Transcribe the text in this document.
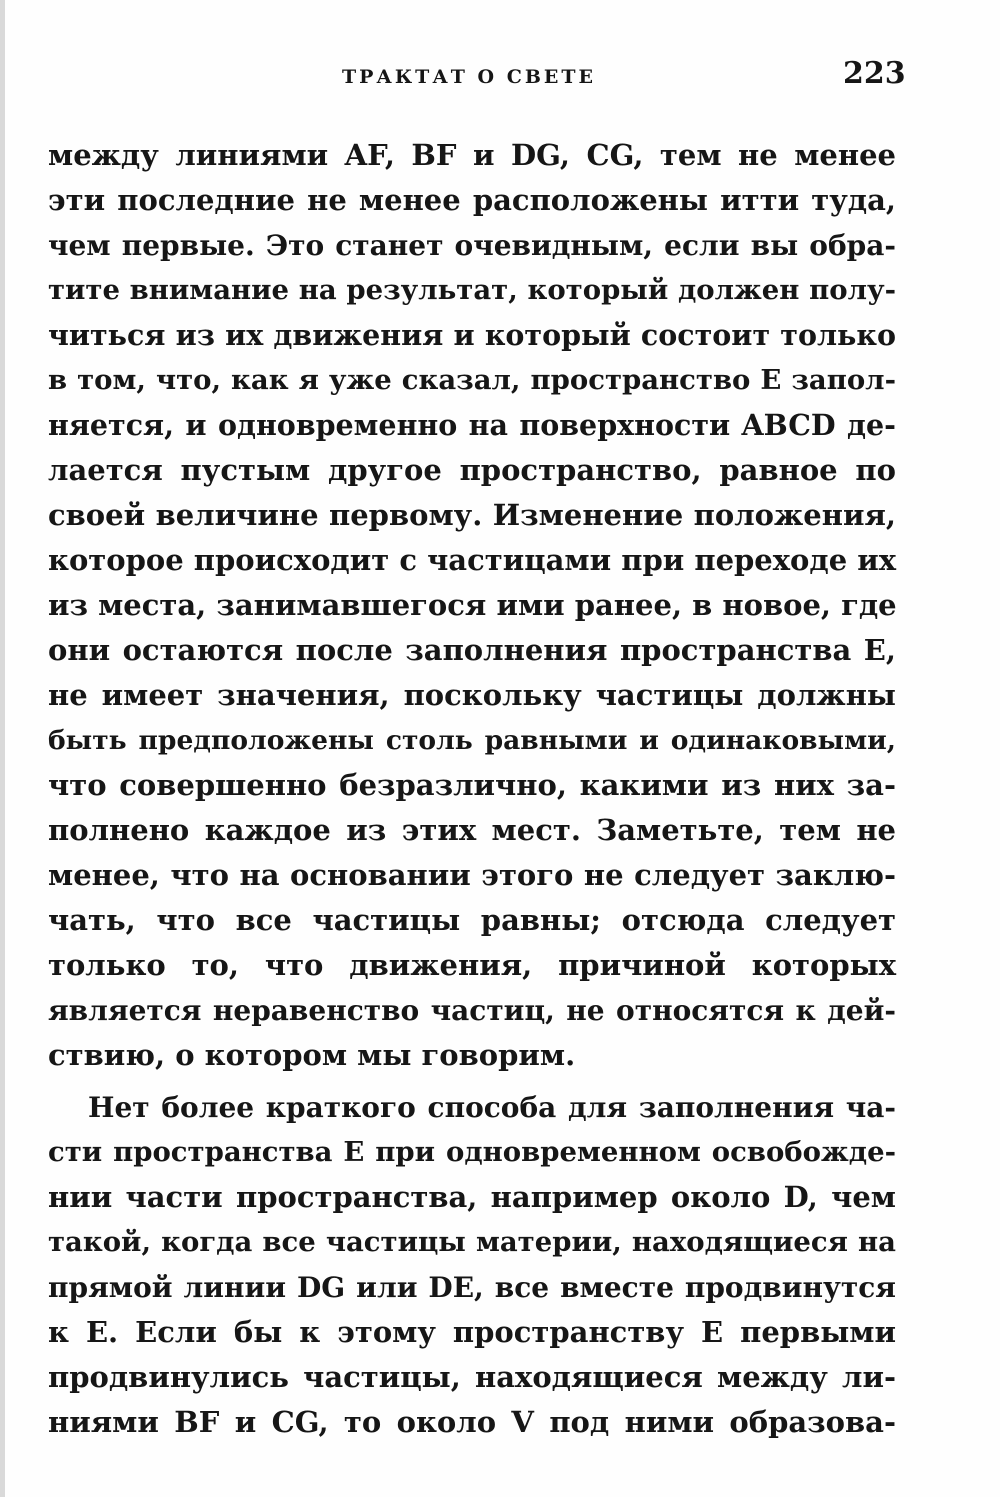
ТРАКТАТ О СВЕТЕ	223
между линиями AF, BF и DG, CG, тем не менее
эти последние не менее расположены итти туда,
чем первые. Это станет очевидным, если вы обра-
тите внимание на результат, который должен полу-
читься из их движения и который состоит только
в том, что, как я уже сказал, пространство E запол-
няется, и одновременно на поверхности ABCD де-
лается пустым другое пространство, равное по
своей величине первому. Изменение положения,
которое происходит с частицами при переходе их
из места, занимавшегося ими ранее, в новое, где
они остаются после заполнения пространства E,
не имеет значения, поскольку частицы должны
быть предположены столь равными и одинаковыми,
что совершенно безразлично, какими из них за-
полнено каждое из этих мест. Заметьте, тем не
менее, что на основании этого не следует заклю-
чать, что все частицы равны; отсюда следует
только то, что движения, причиной которых
является неравенство частиц, не относятся к дей-
ствию, о котором мы говорим.
Нет более краткого способа для заполнения ча-
сти пространства E при одновременном освобожде-
нии части пространства, например около D, чем
такой, когда все частицы материи, находящиеся на
прямой линии DG или DE, все вместе продвинутся
к E. Если бы к этому пространству E первыми
продвинулись частицы, находящиеся между ли-
ниями BF и CG, то около V под ними образова-
